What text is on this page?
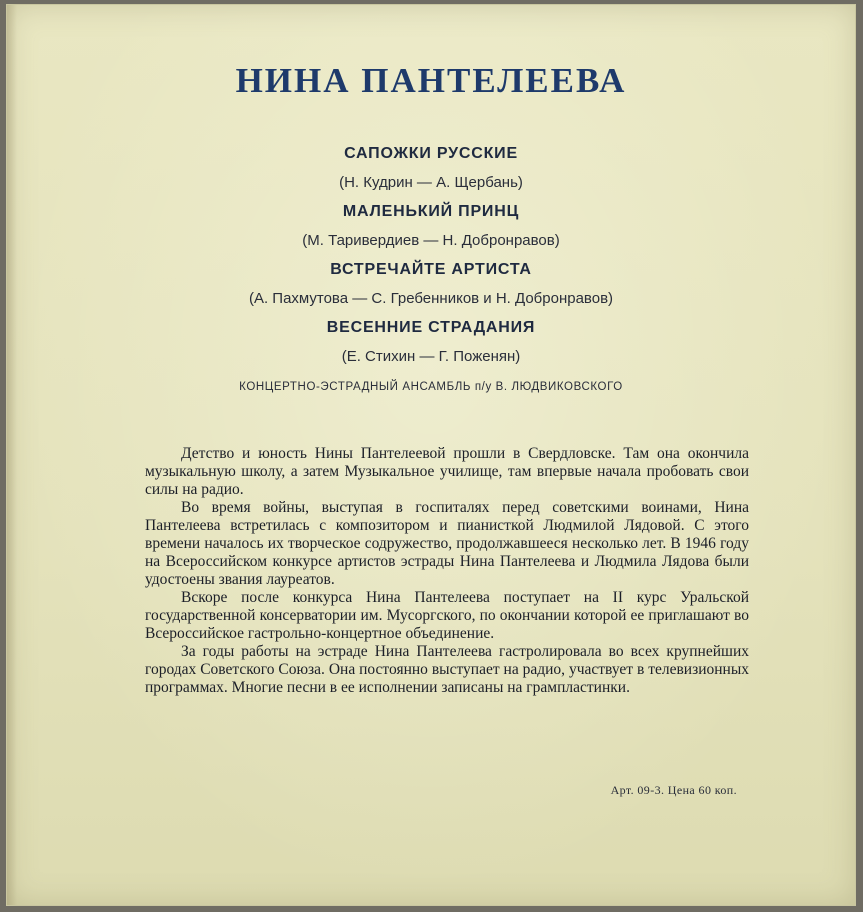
НИНА ПАНТЕЛЕЕВА
САПОЖКИ РУССКИЕ
(Н. Кудрин — А. Щербань)
МАЛЕНЬКИЙ ПРИНЦ
(М. Таривердиев — Н. Добронравов)
ВСТРЕЧАЙТЕ АРТИСТА
(А. Пахмутова — С. Гребенников и Н. Добронравов)
ВЕСЕННИЕ СТРАДАНИЯ
(Е. Стихин — Г. Поженян)
КОНЦЕРТНО-ЭСТРАДНЫЙ АНСАМБЛЬ п/у В. ЛЮДВИКОВСКОГО

Детство и юность Нины Пантелеевой прошли в Свердловске. Там она окончила музыкальную школу, а затем Музыкальное училище, там впервые начала пробовать свои силы на радио.

Во время войны, выступая в госпиталях перед советскими воинами, Нина Пантелеева встретилась с композитором и пианисткой Людмилой Лядовой. С этого времени началось их творческое содружество, продолжавшееся несколько лет. В 1946 году на Всероссийском конкурсе артистов эстрады Нина Пантелеева и Людмила Лядова были удостоены звания лауреатов.

Вскоре после конкурса Нина Пантелеева поступает на II курс Уральской государственной консерватории им. Мусоргского, по окончании которой ее приглашают во Всероссийское гастрольно-концертное объединение.

За годы работы на эстраде Нина Пантелеева гастролировала во всех крупнейших городах Советского Союза. Она постоянно выступает на радио, участвует в телевизионных программах. Многие песни в ее исполнении записаны на грампластинки.

Арт. 09-3. Цена 60 коп.
